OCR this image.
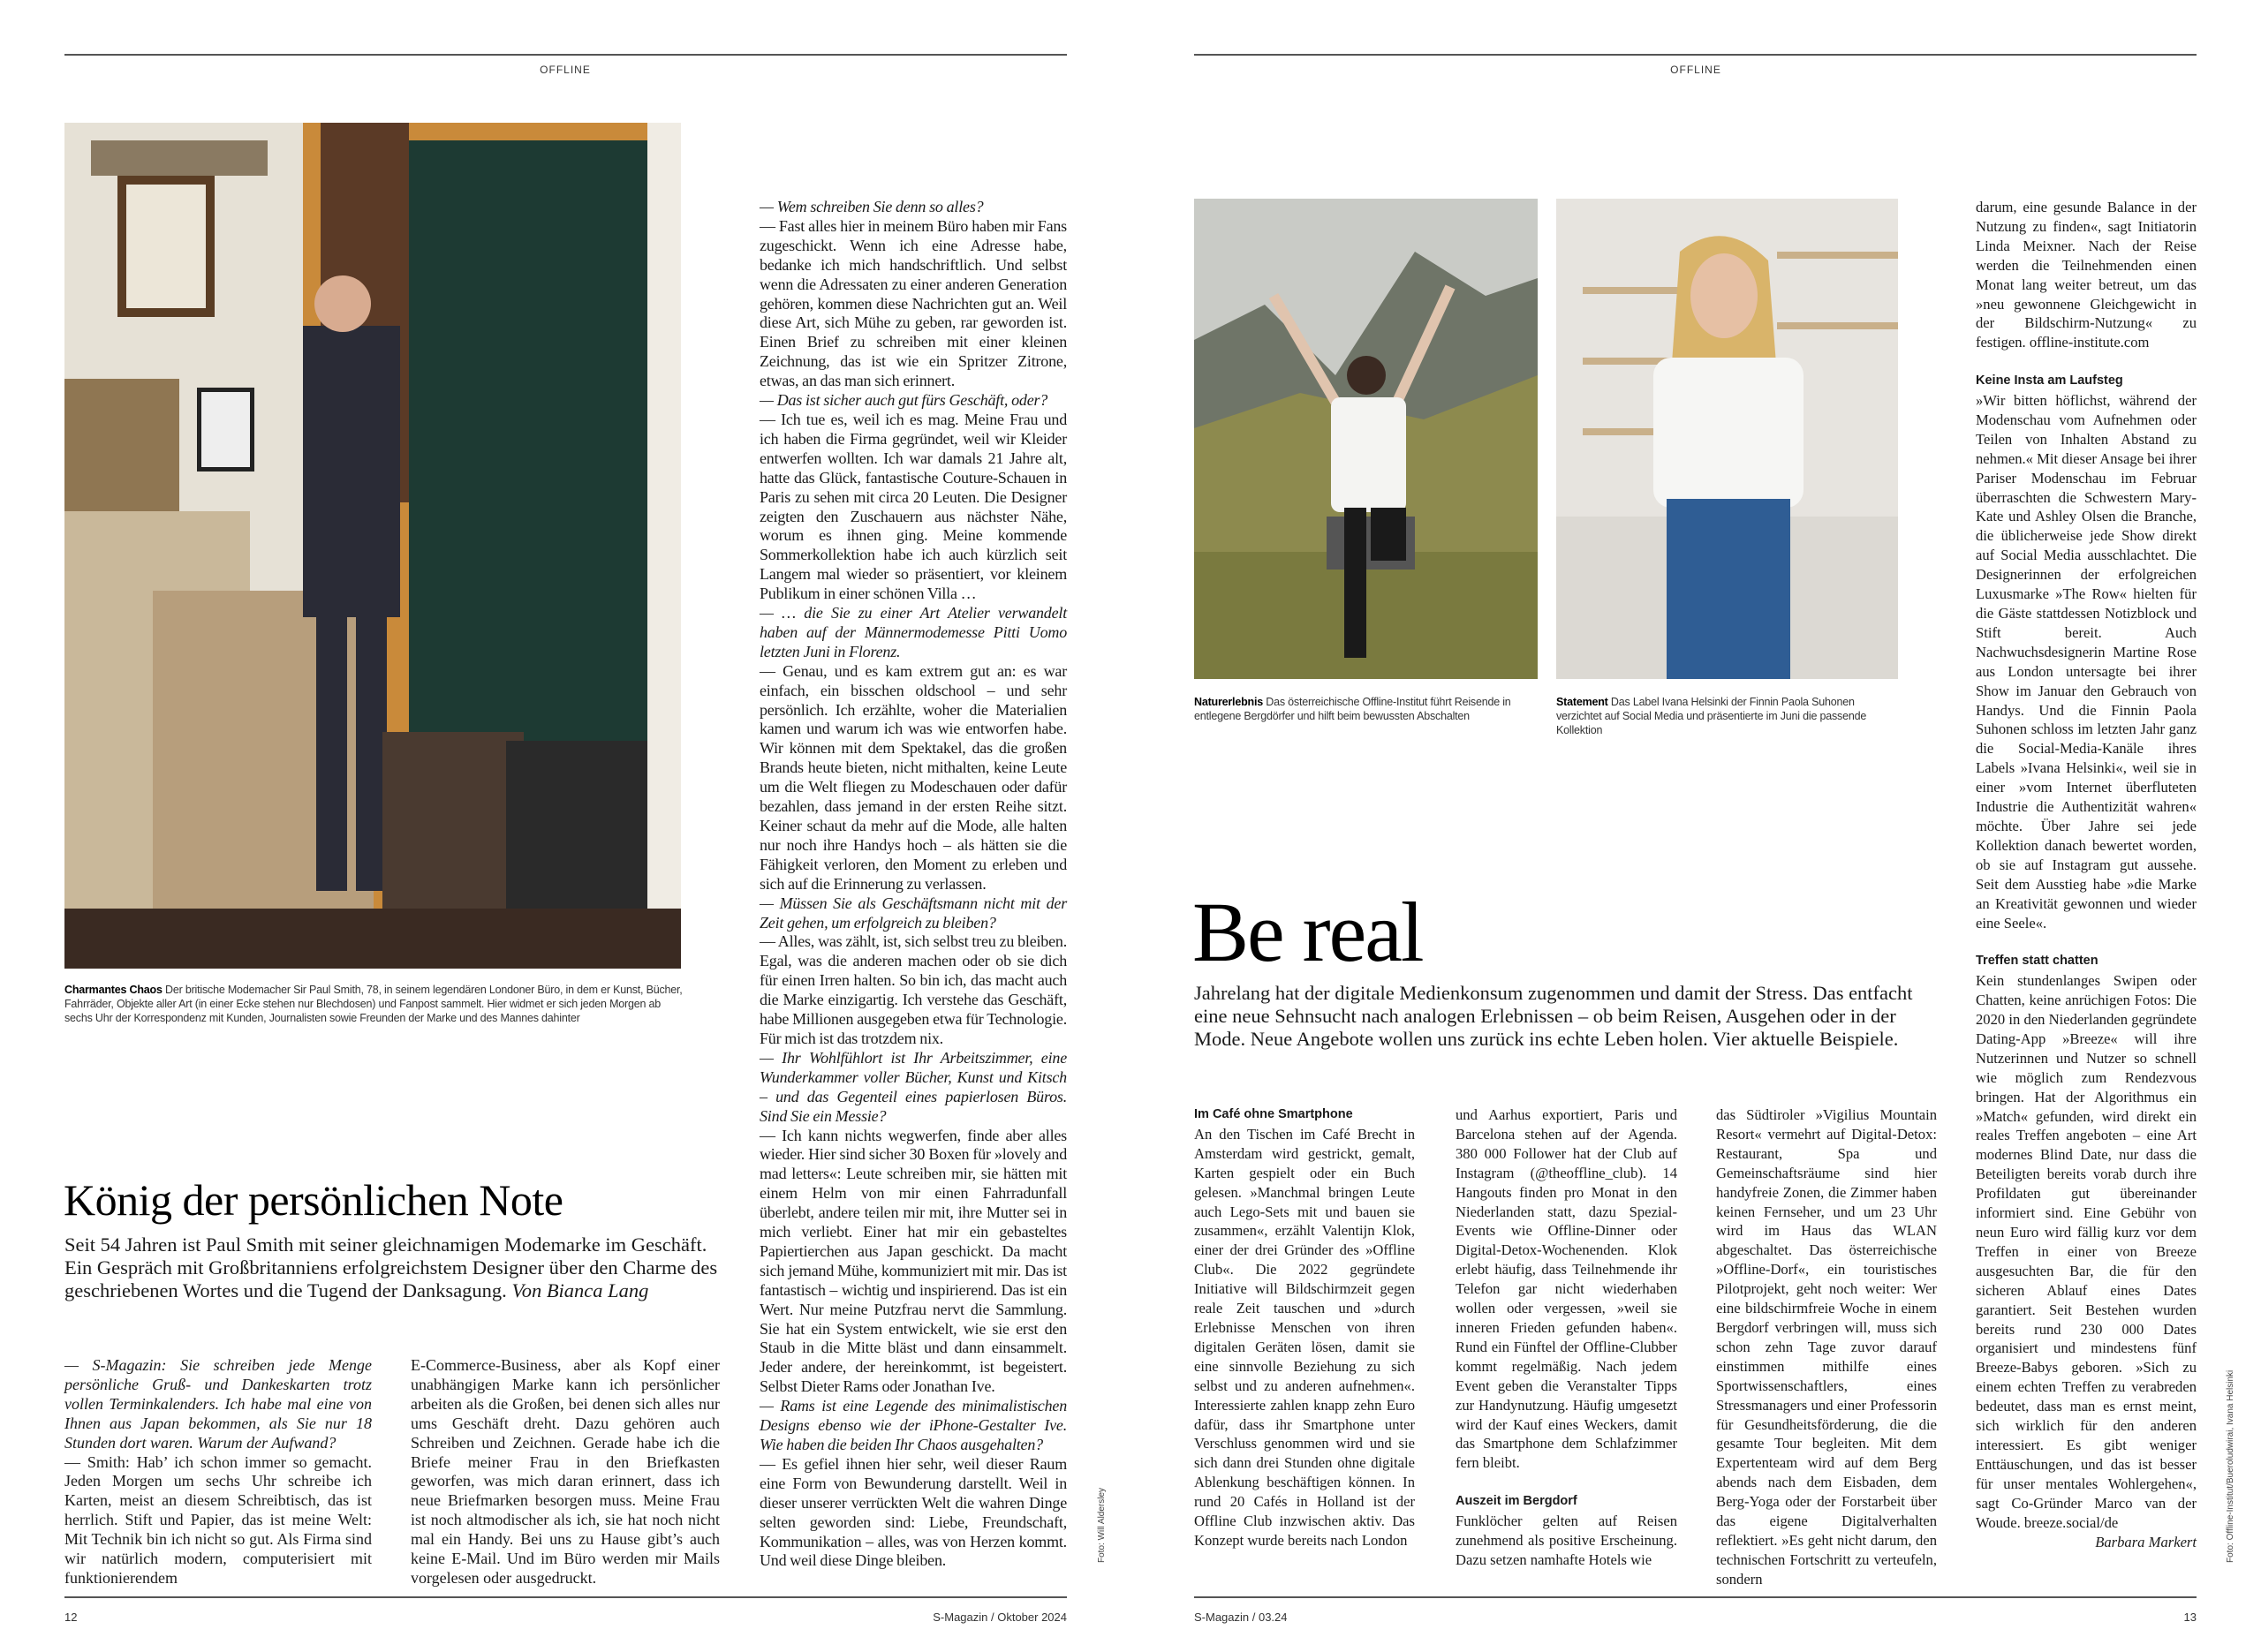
OFFLINE
Charmantes Chaos Der britische Modemacher Sir Paul Smith, 78, in seinem legendären Londoner Büro, in dem er Kunst, Bücher, Fahrräder, Objekte aller Art (in einer Ecke stehen nur Blechdosen) und Fanpost sammelt. Hier widmet er sich jeden Morgen ab sechs Uhr der Korrespondenz mit Kunden, Journalisten sowie Freunden der Marke und des Mannes dahinter
König der persönlichen Note

Seit 54 Jahren ist Paul Smith mit seiner gleichnamigen Modemarke im Geschäft. Ein Gespräch mit Großbritanniens erfolgreichstem Designer über den Charme des geschriebenen Wortes und die Tugend der Danksagung. Von Bianca Lang

— S-Magazin: Sie schreiben jede Menge persönliche Gruß- und Dankeskarten trotz vollen Terminkalenders. Ich habe mal eine von Ihnen aus Japan bekommen, als Sie nur 18 Stunden dort waren. Warum der Aufwand?

— Smith: Hab’ ich schon immer so gemacht. Jeden Morgen um sechs Uhr schreibe ich Karten, meist an diesem Schreibtisch, das ist herrlich. Stift und Papier, das ist meine Welt: Mit Technik bin ich nicht so gut. Als Firma sind wir natürlich modern, computerisiert mit funktionierendem

E-Commerce-Business, aber als Kopf einer unabhängigen Marke kann ich persönlicher arbeiten als die Großen, bei denen sich alles nur ums Geschäft dreht. Dazu gehören auch Schreiben und Zeichnen. Gerade habe ich die Briefe meiner Frau in den Briefkasten geworfen, was mich daran erinnert, dass ich neue Briefmarken besorgen muss. Meine Frau ist noch altmodischer als ich, sie hat noch nicht mal ein Handy. Bei uns zu Hause gibt’s auch keine E-Mail. Und im Büro werden mir Mails vorgelesen oder ausgedruckt.

— Wem schreiben Sie denn so alles?

— Fast alles hier in meinem Büro haben mir Fans zugeschickt. Wenn ich eine Adresse habe, bedanke ich mich handschriftlich. Und selbst wenn die Adressaten zu einer anderen Generation gehören, kommen diese Nachrichten gut an. Weil diese Art, sich Mühe zu geben, rar geworden ist. Einen Brief zu schreiben mit einer kleinen Zeichnung, das ist wie ein Spritzer Zitrone, etwas, an das man sich erinnert.

— Das ist sicher auch gut fürs Geschäft, oder?

— Ich tue es, weil ich es mag. Meine Frau und ich haben die Firma gegründet, weil wir Kleider entwerfen wollten. Ich war damals 21 Jahre alt, hatte das Glück, fantastische Couture-Schauen in Paris zu sehen mit circa 20 Leuten. Die Designer zeigten den Zuschauern aus nächster Nähe, worum es ihnen ging. Meine kommende Sommerkollektion habe ich auch kürzlich seit Langem mal wieder so präsentiert, vor kleinem Publikum in einer schönen Villa …

— … die Sie zu einer Art Atelier verwandelt haben auf der Männermodemesse Pitti Uomo letzten Juni in Florenz.

— Genau, und es kam extrem gut an: es war einfach, ein bisschen oldschool – und sehr persönlich. Ich erzählte, woher die Materialien kamen und warum ich was wie entworfen habe. Wir können mit dem Spektakel, das die großen Brands heute bieten, nicht mithalten, keine Leute um die Welt fliegen zu Modeschauen oder dafür bezahlen, dass jemand in der ersten Reihe sitzt. Keiner schaut da mehr auf die Mode, alle halten nur noch ihre Handys hoch – als hätten sie die Fähigkeit verloren, den Moment zu erleben und sich auf die Erinnerung zu verlassen.

— Müssen Sie als Geschäftsmann nicht mit der Zeit gehen, um erfolgreich zu bleiben?

— Alles, was zählt, ist, sich selbst treu zu bleiben. Egal, was die anderen machen oder ob sie dich für einen Irren halten. So bin ich, das macht auch die Marke einzigartig. Ich verstehe das Geschäft, habe Millionen ausgegeben etwa für Technologie. Für mich ist das trotzdem nix.

— Ihr Wohlfühlort ist Ihr Arbeitszimmer, eine Wunderkammer voller Bücher, Kunst und Kitsch – und das Gegenteil eines papierlosen Büros. Sind Sie ein Messie?

— Ich kann nichts wegwerfen, finde aber alles wieder. Hier sind sicher 30 Boxen für »lovely and mad letters«: Leute schreiben mir, sie hätten mit einem Helm von mir einen Fahrradunfall überlebt, andere teilen mir mit, ihre Mutter sei in mich verliebt. Einer hat mir ein gebasteltes Papiertierchen aus Japan geschickt. Da macht sich jemand Mühe, kommuniziert mit mir. Das ist fantastisch – wichtig und inspirierend. Das ist ein Wert. Nur meine Putzfrau nervt die Sammlung. Sie hat ein System entwickelt, wie sie erst den Staub in die Mitte bläst und dann einsammelt. Jeder andere, der hereinkommt, ist begeistert. Selbst Dieter Rams oder Jonathan Ive.

— Rams ist eine Legende des minimalistischen Designs ebenso wie der iPhone-Gestalter Ive. Wie haben die beiden Ihr Chaos ausgehalten?

— Es gefiel ihnen hier sehr, weil dieser Raum eine Form von Bewunderung darstellt. Weil in dieser unserer verrückten Welt die wahren Dinge selten geworden sind: Liebe, Freundschaft, Kommunikation – alles, was von Herzen kommt. Und weil diese Dinge bleiben.	Foto: Will Aldersley
12	S-Magazin / Oktober 2024
OFFLINE
Naturerlebnis Das österreichische Offline-Institut führt Reisende in entlegene Bergdörfer und hilft beim bewussten Abschalten
Statement Das Label Ivana Helsinki der Finnin Paola Suhonen verzichtet auf Social Media und präsentierte im Juni die passende Kollektion
Be real

Jahrelang hat der digitale Medienkonsum zugenommen und damit der Stress. Das entfacht eine neue Sehnsucht nach analogen Erlebnissen – ob beim Reisen, Ausgehen oder in der Mode. Neue Angebote wollen uns zurück ins echte Leben holen. Vier aktuelle Beispiele.

Im Café ohne Smartphone

An den Tischen im Café Brecht in Amsterdam wird gestrickt, gemalt, Karten gespielt oder ein Buch gelesen. »Manchmal bringen Leute auch Lego-Sets mit und bauen sie zusammen«, erzählt Valentijn Klok, einer der drei Gründer des »Offline Club«. Die 2022 gegründete Initiative will Bildschirmzeit gegen reale Zeit tauschen und »durch Erlebnisse Menschen von ihren digitalen Geräten lösen, damit sie eine sinnvolle Beziehung zu sich selbst und zu anderen aufnehmen«. Interessierte zahlen knapp zehn Euro dafür, dass ihr Smartphone unter Verschluss genommen wird und sie sich dann drei Stunden ohne digitale Ablenkung beschäftigen können. In rund 20 Cafés in Holland ist der Offline Club inzwischen aktiv. Das Konzept wurde bereits nach London

und Aarhus exportiert, Paris und Barcelona stehen auf der Agenda. 380 000 Follower hat der Club auf Instagram (@theoffline_club). 14 Hangouts finden pro Monat in den Niederlanden statt, dazu Spezial-Events wie Offline-Dinner oder Digital-Detox-Wochenenden. Klok erlebt häufig, dass Teilnehmende ihr Telefon gar nicht wiederhaben wollen oder vergessen, »weil sie inneren Frieden gefunden haben«. Rund ein Fünftel der Offline-Clubber kommt regelmäßig. Nach jedem Event geben die Veranstalter Tipps zur Handynutzung. Häufig umgesetzt wird der Kauf eines Weckers, damit das Smartphone dem Schlafzimmer fern bleibt.

Auszeit im Bergdorf

Funklöcher gelten auf Reisen zunehmend als positive Erscheinung. Dazu setzen namhafte Hotels wie

das Südtiroler »Vigilius Mountain Resort« vermehrt auf Digital-Detox: Restaurant, Spa und Gemeinschaftsräume sind hier handyfreie Zonen, die Zimmer haben keinen Fernseher, und um 23 Uhr wird im Haus das WLAN abgeschaltet. Das österreichische »Offline-Dorf«, ein touristisches Pilotprojekt, geht noch weiter: Wer eine bildschirmfreie Woche in einem Bergdorf verbringen will, muss sich schon zehn Tage zuvor darauf einstimmen mithilfe eines Sportwissenschaftlers, eines Stressmanagers und einer Professorin für Gesundheitsförderung, die die gesamte Tour begleiten. Mit dem Expertenteam wird auf dem Berg abends nach dem Eisbaden, dem Berg-Yoga oder der Forstarbeit über das eigene Digitalverhalten reflektiert. »Es geht nicht darum, den technischen Fortschritt zu verteufeln, sondern

darum, eine gesunde Balance in der Nutzung zu finden«, sagt Initiatorin Linda Meixner. Nach der Reise werden die Teilnehmenden einen Monat lang weiter betreut, um das »neu gewonnene Gleichgewicht in der Bildschirm-Nutzung« zu festigen. offline-institute.com

Keine Insta am Laufsteg

»Wir bitten höflichst, während der Modenschau vom Aufnehmen oder Teilen von Inhalten Abstand zu nehmen.« Mit dieser Ansage bei ihrer Pariser Modenschau im Februar überraschten die Schwestern Mary-Kate und Ashley Olsen die Branche, die üblicherweise jede Show direkt auf Social Media ausschlachtet. Die Designerinnen der erfolgreichen Luxusmarke »The Row« hielten für die Gäste stattdessen Notizblock und Stift bereit. Auch Nachwuchsdesignerin Martine Rose aus London untersagte bei ihrer Show im Januar den Gebrauch von Handys. Und die Finnin Paola Suhonen schloss im letzten Jahr ganz die Social-Media-Kanäle ihres Labels »Ivana Helsinki«, weil sie in einer »vom Internet überfluteten Industrie die Authentizität wahren« möchte. Über Jahre sei jede Kollektion danach bewertet worden, ob sie auf Instagram gut aussehe. Seit dem Ausstieg habe »die Marke an Kreativität gewonnen und wieder eine Seele«.

Treffen statt chatten

Kein stundenlanges Swipen oder Chatten, keine anrüchigen Fotos: Die 2020 in den Niederlanden gegründete Dating-App »Breeze« will ihre Nutzerinnen und Nutzer so schnell wie möglich zum Rendezvous bringen. Hat der Algorithmus ein »Match« gefunden, wird direkt ein reales Treffen angeboten – eine Art modernes Blind Date, nur dass die Beteiligten bereits vorab durch ihre Profildaten gut übereinander informiert sind. Eine Gebühr von neun Euro wird fällig kurz vor dem Treffen in einer von Breeze ausgesuchten Bar, die für den sicheren Ablauf eines Dates garantiert. Seit Bestehen wurden bereits rund 230 000 Dates organisiert und mindestens fünf Breeze-Babys geboren. »Sich zu einem echten Treffen zu verabreden bedeutet, dass man es ernst meint, sich wirklich für den anderen interessiert. Es gibt weniger Enttäuschungen, und das ist besser für unser mentales Wohlergehen«, sagt Co-Gründer Marco van der Woude. breeze.social/de

Barbara Markert	Foto: Offline-Institut/Bueroludwirai, Ivana Helsinki
S-Magazin / 03.24	13
